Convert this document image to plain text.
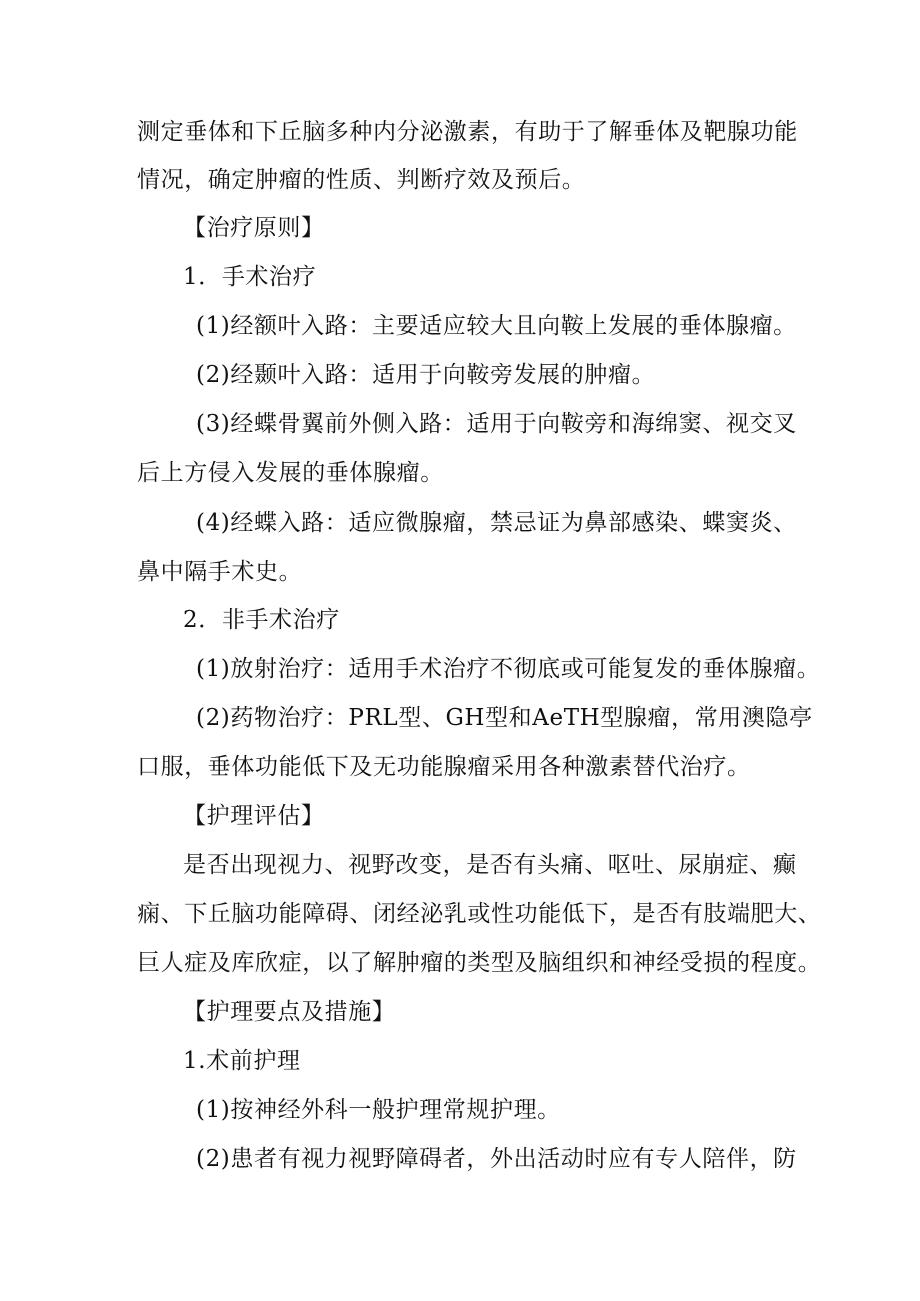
测定垂体和下丘脑多种内分泌激素，有助于了解垂体及靶腺功能
情况，确定肿瘤的性质、判断疗效及预后。
【治疗原则】
1．手术治疗
(1)经额叶入路：主要适应较大且向鞍上发展的垂体腺瘤。
(2)经颞叶入路：适用于向鞍旁发展的肿瘤。
(3)经蝶骨翼前外侧入路：适用于向鞍旁和海绵窦、视交叉
后上方侵入发展的垂体腺瘤。
(4)经蝶入路：适应微腺瘤，禁忌证为鼻部感染、蝶窦炎、
鼻中隔手术史。
2．非手术治疗
(1)放射治疗：适用手术治疗不彻底或可能复发的垂体腺瘤。
(2)药物治疗：PRL型、GH型和AeTH型腺瘤，常用澳隐亭
口服，垂体功能低下及无功能腺瘤采用各种激素替代治疗。
【护理评估】
是否出现视力、视野改变，是否有头痛、呕吐、尿崩症、癫
痫、下丘脑功能障碍、闭经泌乳或性功能低下，是否有肢端肥大、
巨人症及库欣症，以了解肿瘤的类型及脑组织和神经受损的程度。
【护理要点及措施】
1.术前护理
(1)按神经外科一般护理常规护理。
(2)患者有视力视野障碍者，外出活动时应有专人陪伴，防
